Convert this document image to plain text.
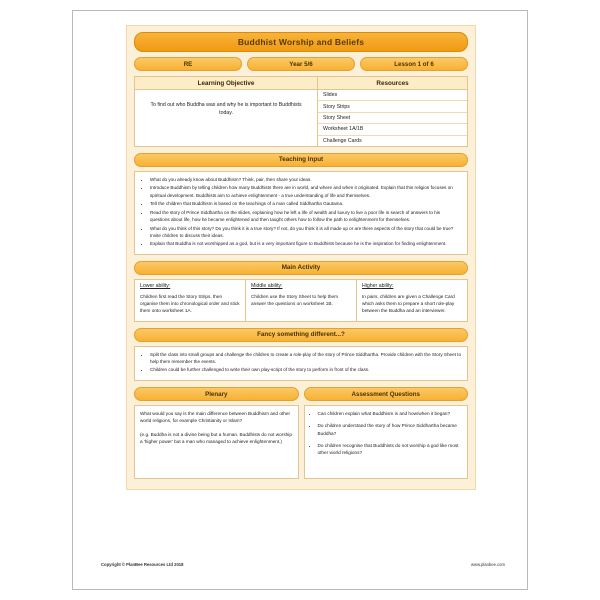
Buddhist Worship and Beliefs
RE	Year 5/6	Lesson 1 of 6
Learning Objective
To find out who Buddha was and why he is important to Buddhists today.
Resources
Slides
Story Strips
Story Sheet
Worksheet 1A/1B
Challenge Cards
Teaching Input
• What do you already know about Buddhism? Think, pair, then share your ideas.
• Introduce Buddhism by telling children how many Buddhists there are in world, and where and when it originated. Explain that this religion focuses on spiritual development. Buddhists aim to achieve enlightenment - a true understanding of life and themselves.
• Tell the children that Buddhism is based on the teachings of a man called Siddhartha Gautama.
• Read the story of Prince Siddhartha on the slides, explaining how he left a life of wealth and luxury to live a poor life in search of answers to his questions about life, how he became enlightened and then taught others how to follow the path to enlightenment for themselves.
• What do you think of this story? Do you think it is a true story? If not, do you think it is all made up or are there aspects of the story that could be true? Invite children to discuss their ideas.
• Explain that Buddha is not worshipped as a god, but is a very important figure to Buddhists because he is the inspiration for finding enlightenment.
Main Activity
Lower ability:
Children first read the Story Strips, then organise them into chronological order and stick them onto worksheet 1A.
Middle ability:
Children use the Story Sheet to help them answer the questions on worksheet 1B.
Higher ability:
In pairs, children are given a Challenge Card which asks them to prepare a short role-play between the Buddha and an interviewer.
Fancy something different...?
• Split the class into small groups and challenge the children to create a role-play of the story of Prince Siddhartha. Provide children with the Story Sheet to help them remember the events.
• Children could be further challenged to write their own play-script of the story to perform in front of the class.
Plenary

What would you say is the main difference between Buddhism and other world religions, for example Christianity or Islam?

(e.g. Buddha is not a divine being but a human. Buddhists do not worship a 'higher power' but a man who managed to achieve enlightenment.)

Assessment Questions
• Can children explain what Buddhism is and how/when it began?
• Do children understand the story of how Prince Siddhartha became Buddha?
• Do children recognise that Buddhists do not worship a god like most other world religions?
Copyright © PlanBee Resources Ltd 2018	www.planbee.com
